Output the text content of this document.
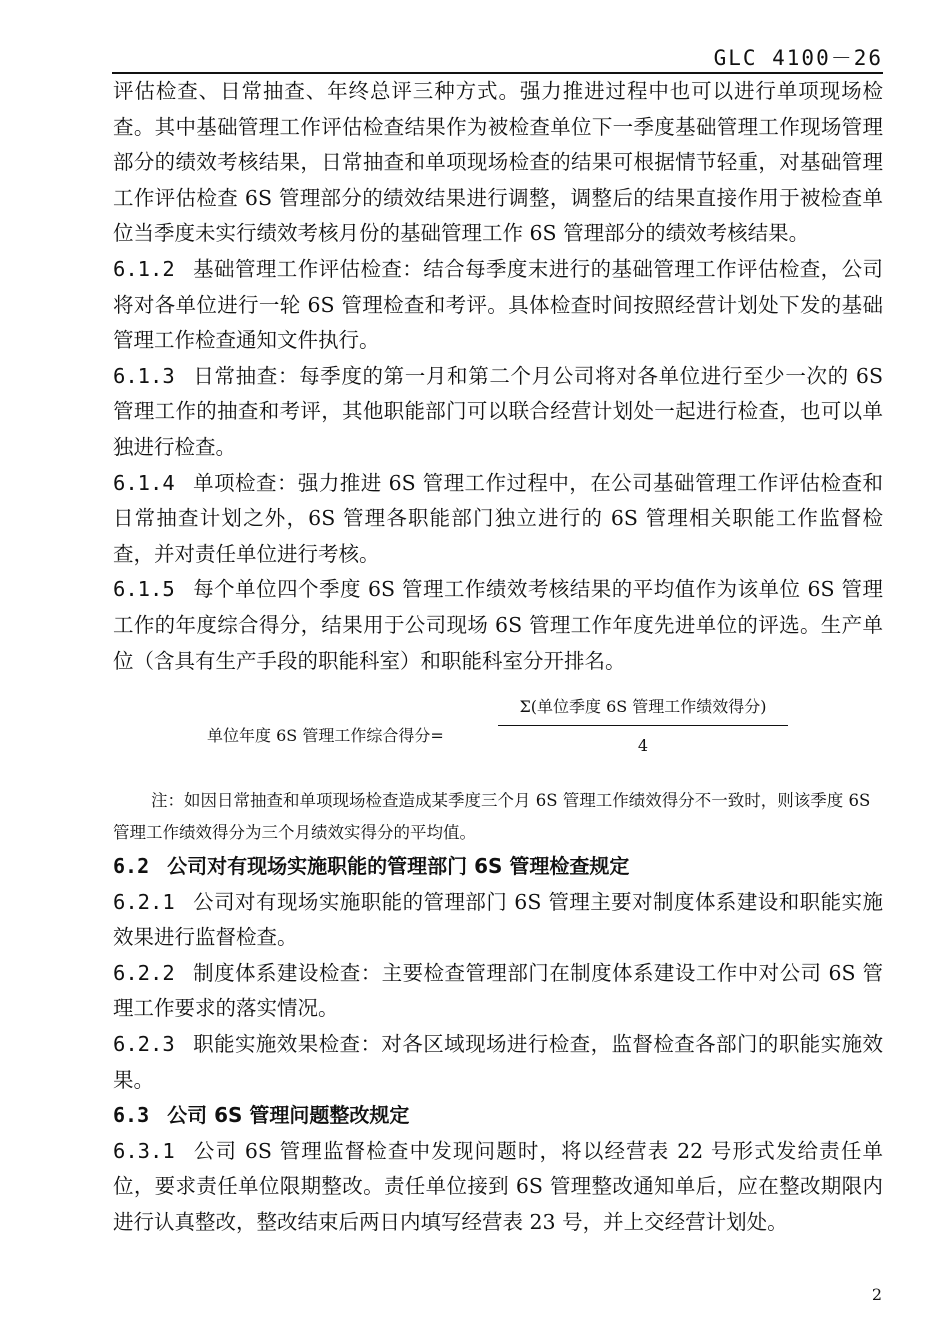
GLC 4100－26

评估检查、日常抽查、年终总评三种方式。强力推进过程中也可以进行单项现场检查。其中基础管理工作评估检查结果作为被检查单位下一季度基础管理工作现场管理部分的绩效考核结果，日常抽查和单项现场检查的结果可根据情节轻重，对基础管理工作评估检查 6S 管理部分的绩效结果进行调整，调整后的结果直接作用于被检查单位当季度未实行绩效考核月份的基础管理工作 6S 管理部分的绩效考核结果。

6.1.2 基础管理工作评估检查：结合每季度末进行的基础管理工作评估检查，公司将对各单位进行一轮 6S 管理检查和考评。具体检查时间按照经营计划处下发的基础管理工作检查通知文件执行。

6.1.3 日常抽查：每季度的第一月和第二个月公司将对各单位进行至少一次的 6S 管理工作的抽查和考评，其他职能部门可以联合经营计划处一起进行检查，也可以单独进行检查。

6.1.4 单项检查：强力推进 6S 管理工作过程中，在公司基础管理工作评估检查和日常抽查计划之外，6S 管理各职能部门独立进行的 6S 管理相关职能工作监督检查，并对责任单位进行考核。

6.1.5 每个单位四个季度 6S 管理工作绩效考核结果的平均值作为该单位 6S 管理工作的年度综合得分，结果用于公司现场 6S 管理工作年度先进单位的评选。生产单位（含具有生产手段的职能科室）和职能科室分开排名。

单位年度 6S 管理工作综合得分=
Σ(单位季度 6S 管理工作绩效得分)
4
注：如因日常抽查和单项现场检查造成某季度三个月 6S 管理工作绩效得分不一致时，则该季度 6S 管理工作绩效得分为三个月绩效实得分的平均值。

6.2 公司对有现场实施职能的管理部门 6S 管理检查规定

6.2.1 公司对有现场实施职能的管理部门 6S 管理主要对制度体系建设和职能实施效果进行监督检查。

6.2.2 制度体系建设检查：主要检查管理部门在制度体系建设工作中对公司 6S 管理工作要求的落实情况。

6.2.3 职能实施效果检查：对各区域现场进行检查，监督检查各部门的职能实施效果。

6.3 公司 6S 管理问题整改规定

6.3.1 公司 6S 管理监督检查中发现问题时，将以经营表 22 号形式发给责任单位，要求责任单位限期整改。责任单位接到 6S 管理整改通知单后，应在整改期限内进行认真整改，整改结束后两日内填写经营表 23 号，并上交经营计划处。

2
